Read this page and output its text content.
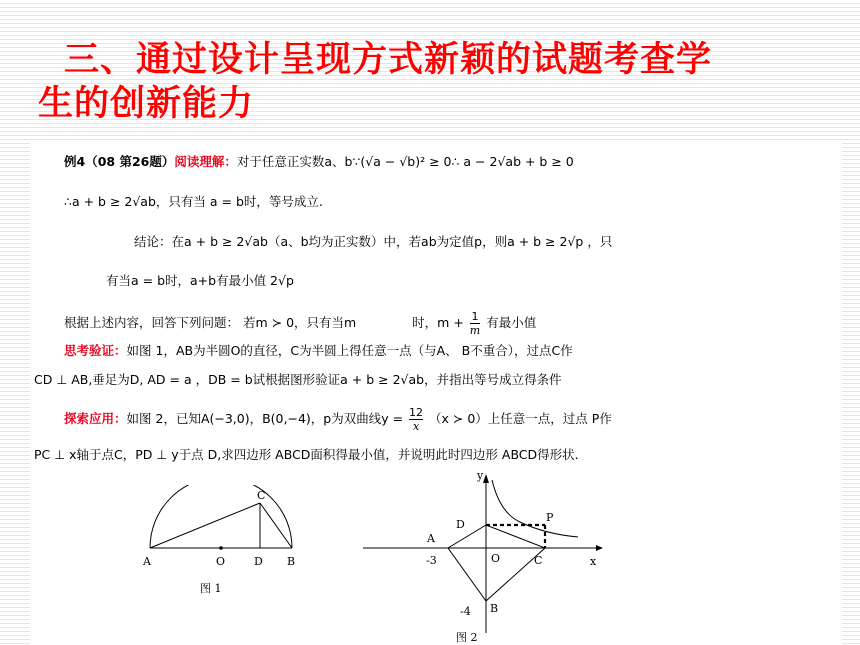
三、通过设计呈现方式新颖的试题考查学
生的创新能力
例4（08 第26题）阅读理解：对于任意正实数a、b∵(√a − √b)² ≥ 0∴ a − 2√ab + b ≥ 0
∴a + b ≥ 2√ab，只有当 a = b时，等号成立.
结论：在a + b ≥ 2√ab（a、b均为正实数）中，若ab为定值p，则a + b ≥ 2√p ，只
有当a = b时，a+b有最小值 2√p
根据上述内容，回答下列问题： 若m ≻ 0，只有当m	时，$m + \frac{1}{m}$ 有最小值
思考验证：如图 1，AB为半圆O的直径，C为半圆上得任意一点（与A、 B不重合），过点C作
CD ⊥ AB,垂足为D, AD = a ，DB = b试根据图形验证a + b ≥ 2√ab，并指出等号成立得条件
探索应用：如图 2，已知A(−3,0)，B(0,−4)，p为双曲线$y = \frac{12}{x} (x$ ≻ 0）上任意一点，过点 P作
PC ⊥ x轴于点C，PD ⊥ y于点 D,求四边形 ABCD面积得最小值，并说明此时四边形 ABCD得形状.
A	O	D B
C
图 1
y
x
P
D
A
O	C
B
-3
-4
图 2
